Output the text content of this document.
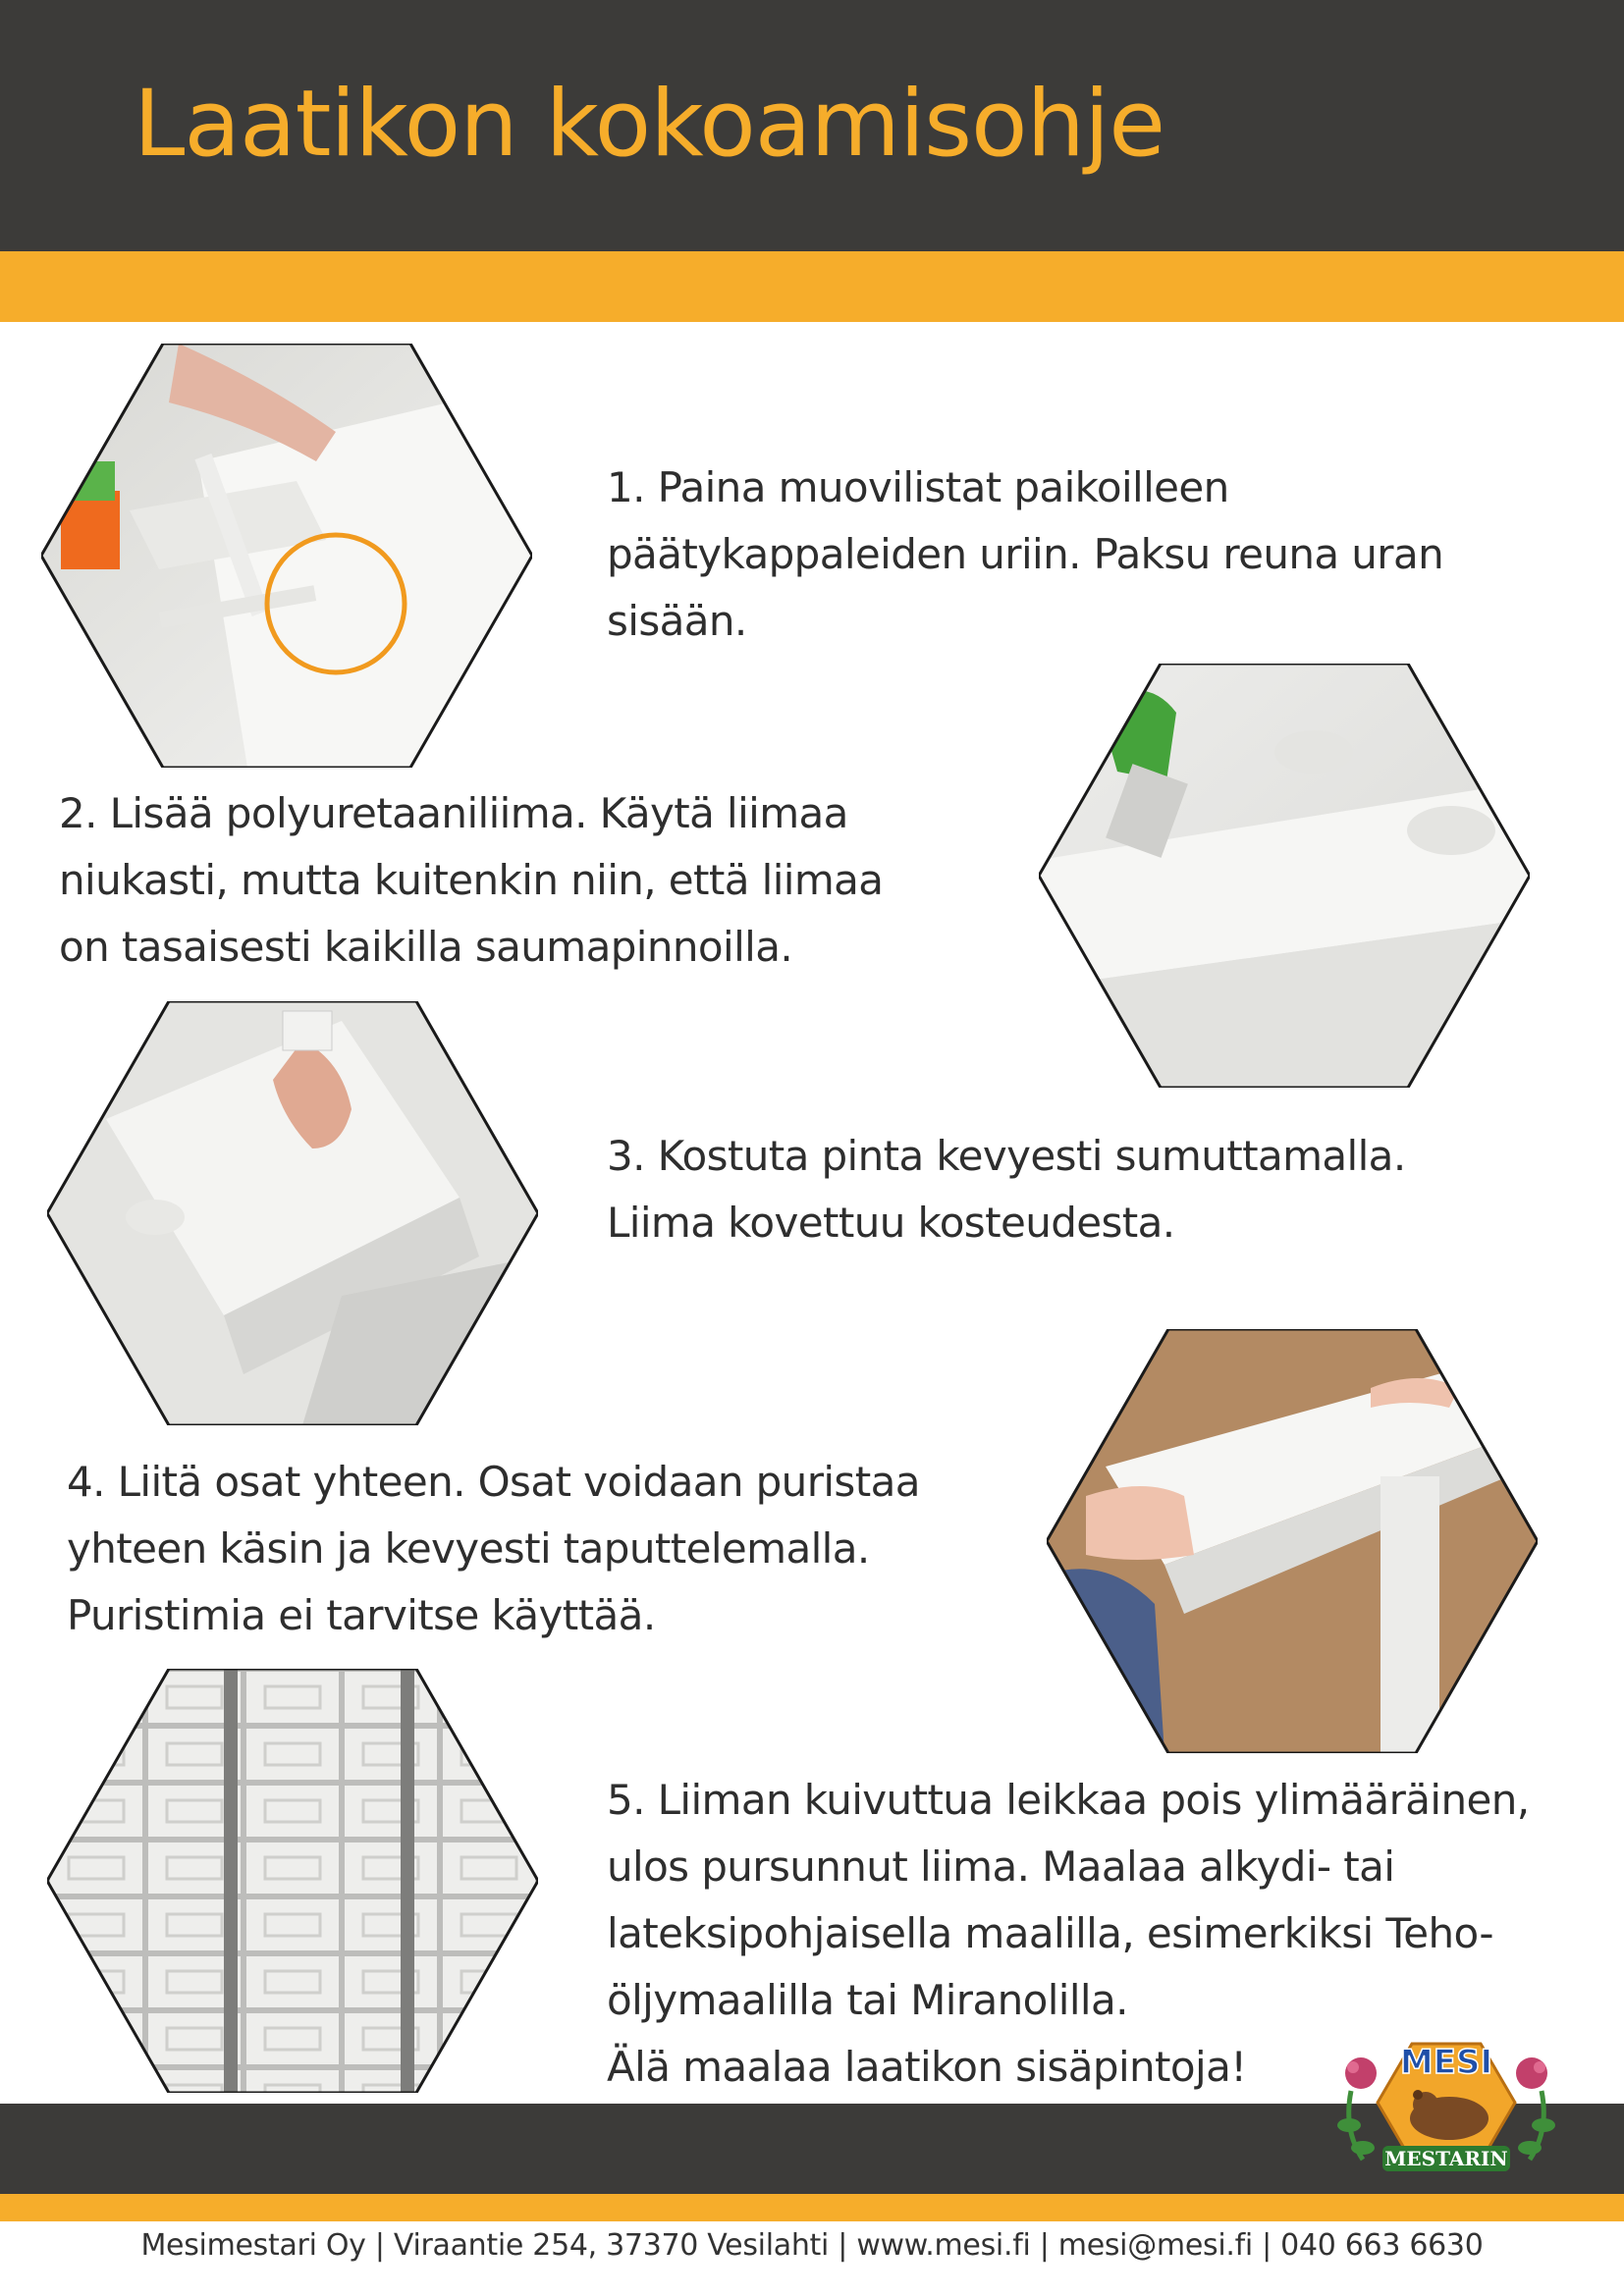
Laatikon kokoamisohje

1. Paina muovilistat paikoilleen
päätykappaleiden uriin. Paksu reuna uran
sisään.

2. Lisää polyuretaaniliima. Käytä liimaa
niukasti, mutta kuitenkin niin, että liimaa
on tasaisesti kaikilla saumapinnoilla.

3. Kostuta pinta kevyesti sumuttamalla.
Liima kovettuu kosteudesta.

4. Liitä osat yhteen. Osat voidaan puristaa
yhteen käsin ja kevyesti taputtelemalla.
Puristimia ei tarvitse käyttää.

5. Liiman kuivuttua leikkaa pois ylimääräinen,
ulos pursunnut liima. Maalaa alkydi- tai
lateksipohjaisella maalilla, esimerkiksi Teho-
öljymaalilla tai Miranolilla.
Älä maalaa laatikon sisäpintoja!	MESI
MESTARIN
Mesimestari Oy | Viraantie 254, 37370 Vesilahti | www.mesi.fi | mesi@mesi.fi | 040 663 6630
